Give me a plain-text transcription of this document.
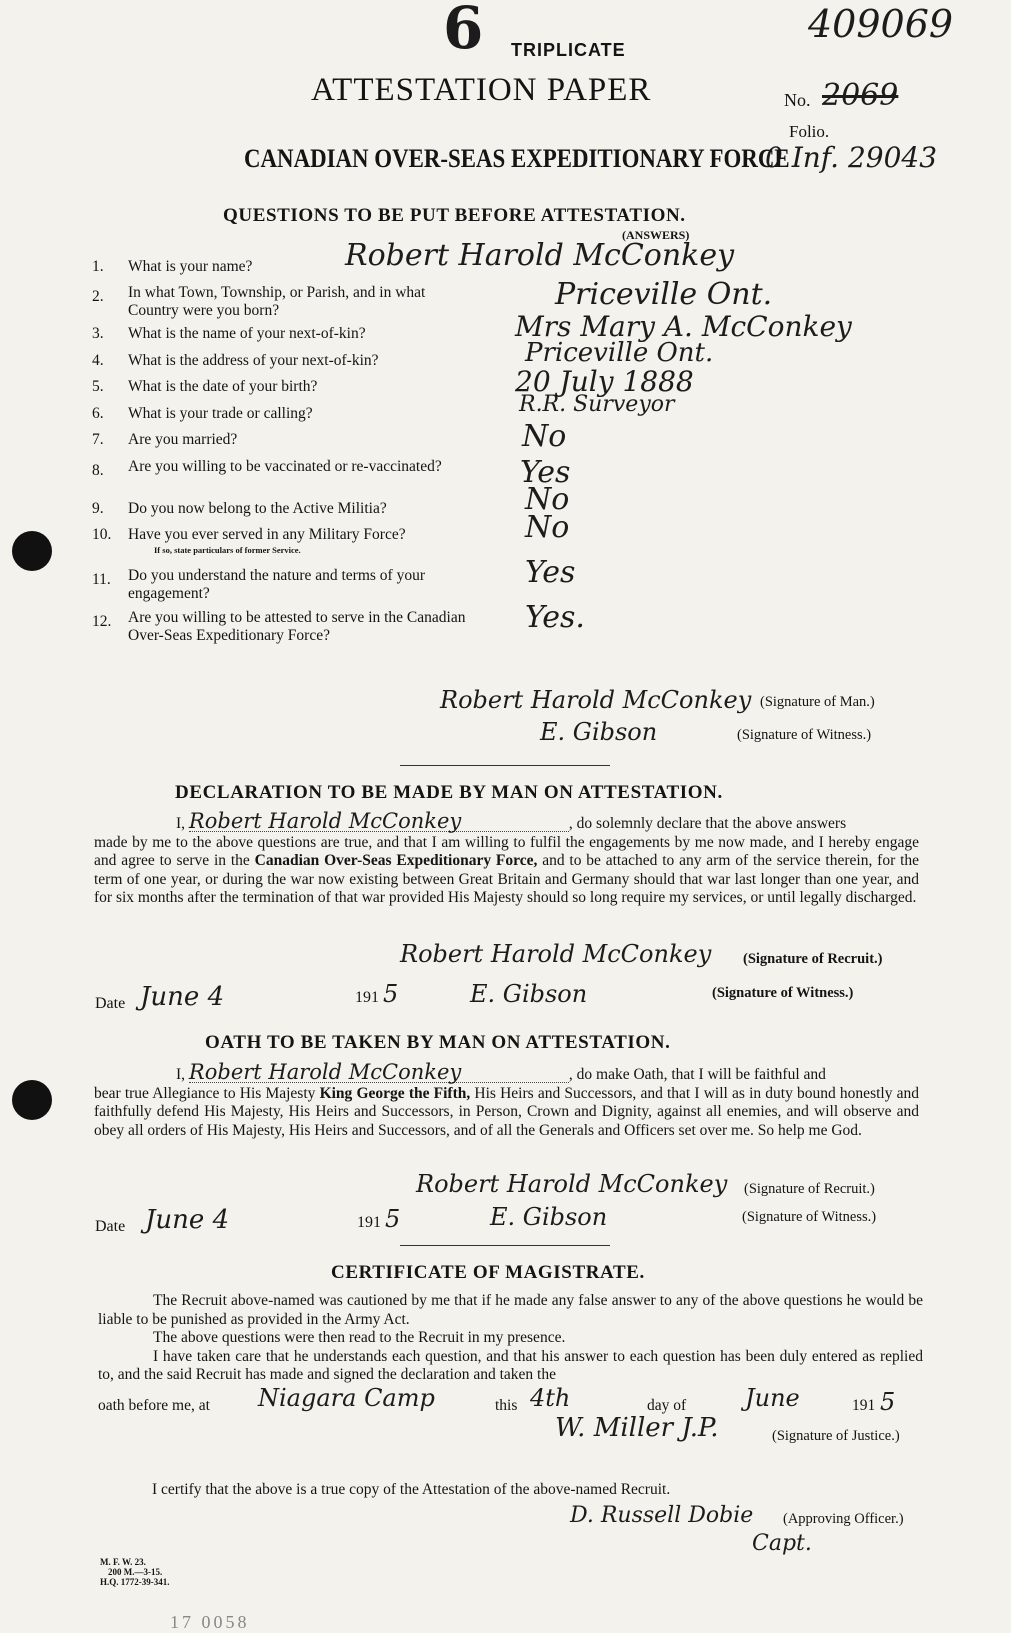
6 TRIPLICATE
409069
ATTESTATION PAPER	No. 2069
Folio.
0 Inf. 29043
CANADIAN OVER-SEAS EXPEDITIONARY FORCE
QUESTIONS TO BE PUT BEFORE ATTESTATION.
(ANSWERS)
1.	What is your name?	Robert Harold McConkey
2.	In what Town, Township, or Parish, and in what Country were you born?	Priceville Ont.
3.	What is the name of your next-of-kin?	Mrs Mary A. McConkey
4.	What is the address of your next-of-kin?	Priceville Ont.
5.	What is the date of your birth?	20 July 1888
6.	What is your trade or calling?	R.R. Surveyor
7.	Are you married?	No
8.	Are you willing to be vaccinated or re-vaccinated?	Yes
9.	Do you now belong to the Active Militia?	No
10.	Have you ever served in any Military Force?
If so, state particulars of former Service.
No
11.	Do you understand the nature and terms of your engagement?
Yes
12.	Are you willing to be attested to serve in the Canadian Over-Seas Expeditionary Force?
Yes.
Robert Harold McConkey (Signature of Man.)
E. Gibson	(Signature of Witness.)
DECLARATION TO BE MADE BY MAN ON ATTESTATION.
I, Robert Harold McConkey	, do solemnly declare that the above answers
made by me to the above questions are true, and that I am willing to fulfil the engagements by me now made, and I hereby engage and agree to serve in the Canadian Over-Seas Expeditionary Force, and to be attached to any arm of the service therein, for the term of one year, or during the war now existing between Great Britain and Germany should that war last longer than one year, and for six months after the termination of that war provided His Majesty should so long require my services, or until legally discharged.
Robert Harold McConkey (Signature of Recruit.)
Date June 4	191 5	E. Gibson	(Signature of Witness.)
OATH TO BE TAKEN BY MAN ON ATTESTATION.
I, Robert Harold McConkey	, do make Oath, that I will be faithful and
bear true Allegiance to His Majesty King George the Fifth, His Heirs and Successors, and that I will as in duty bound honestly and faithfully defend His Majesty, His Heirs and Successors, in Person, Crown and Dignity, against all enemies, and will observe and obey all orders of His Majesty, His Heirs and Successors, and of all the Generals and Officers set over me. So help me God.
Robert Harold McConkey (Signature of Recruit.)
Date June 4	191 5	E. Gibson	(Signature of Witness.)
CERTIFICATE OF MAGISTRATE.
The Recruit above-named was cautioned by me that if he made any false answer to any of the above questions he would be liable to be punished as provided in the Army Act.
The above questions were then read to the Recruit in my presence.
I have taken care that he understands each question, and that his answer to each question has been duly entered as replied to, and the said Recruit has made and signed the declaration and taken the
oath before me, at Niagara Camp	this 4th	day of June	191 5
W. Miller J.P.	(Signature of Justice.)
I certify that the above is a true copy of the Attestation of the above-named Recruit.
D. Russell Dobie (Approving Officer.)
Capt.
M. F. W. 23.
200 M.—3-15.
H.Q. 1772-39-341.
17 0058
